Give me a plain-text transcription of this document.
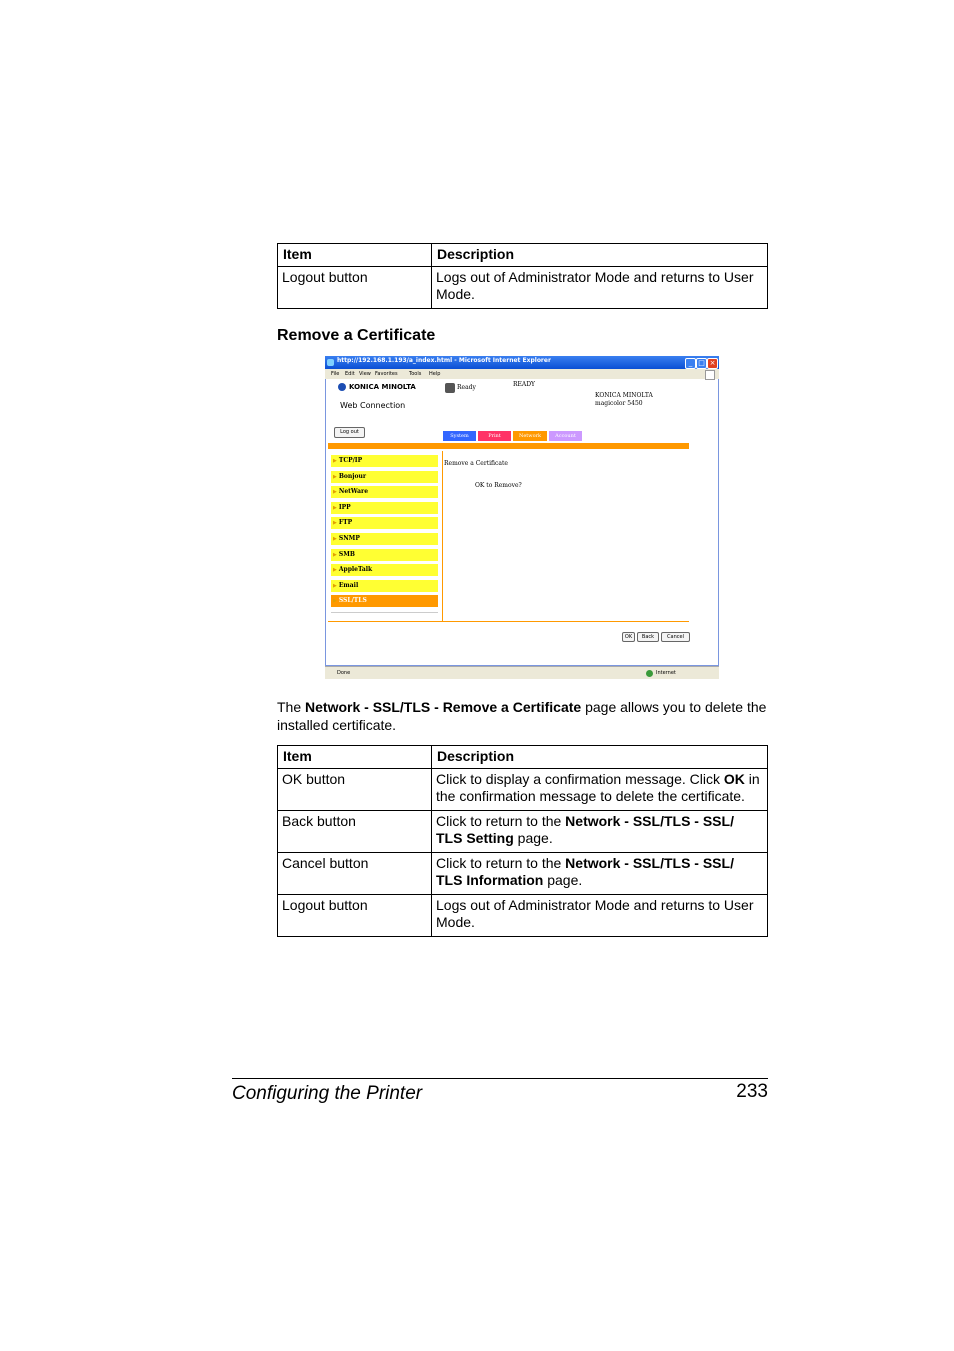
Item	Description
Logout button	Logs out of Administrator Mode and returns to User Mode.
Remove a Certificate
http://192.168.1.193/a_index.html - Microsoft Internet Explorer	_ □ ×
File Edit View Favorites Tools Help
KONICA MINOLTA
Web Connection
Ready	READY
KONICA MINOLTA
magicolor 5450
Log out
System	Print	Network	Account
▶ TCP/IP
▶ Bonjour
▶ NetWare
▶ IPP
▶ FTP
▶ SNMP
▶ SMB
▶ AppleTalk
▶ Email
▶ SSL/TLS
Remove a Certificate
OK to Remove?
OK	Back	Cancel
Done	Internet
The Network - SSL/TLS - Remove a Certificate page allows you to delete the installed certificate.
Item	Description
OK button	Click to display a confirmation message. Click OK in the confirmation message to delete the certificate.
Back button	Click to return to the Network - SSL/TLS - SSL/ TLS Setting page.
Cancel button	Click to return to the Network - SSL/TLS - SSL/ TLS Information page.
Logout button	Logs out of Administrator Mode and returns to User Mode.
Configuring the Printer	233
